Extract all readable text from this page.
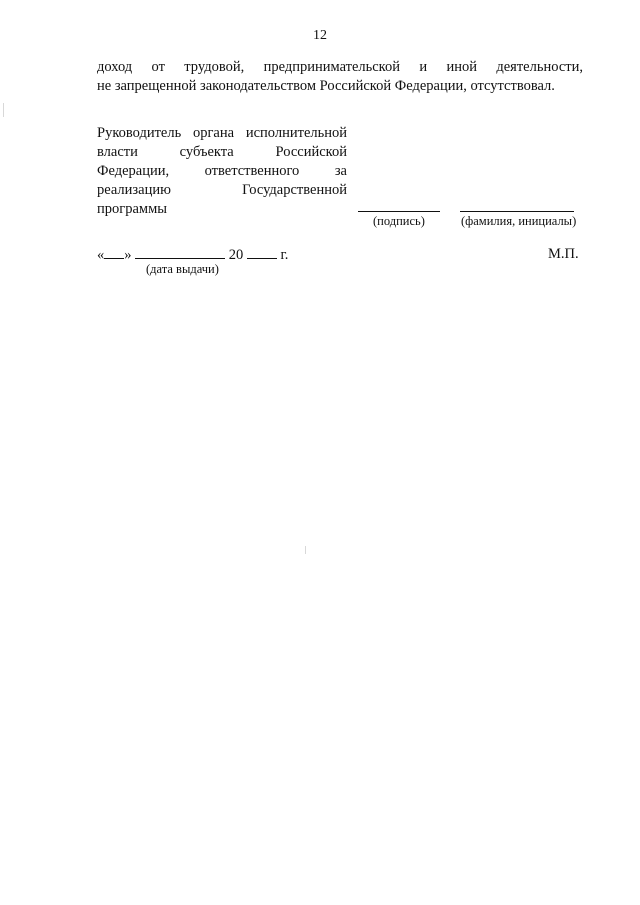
12
доход от трудовой, предпринимательской и иной деятельности,
не запрещенной законодательством Российской Федерации, отсутствовал.
Руководитель органа исполнительной
власти субъекта Российской
Федерации, ответственного за
реализацию Государственной
программы
(подпись)	(фамилия, инициалы)
« »	20	г.
(дата выдачи)
М.П.
